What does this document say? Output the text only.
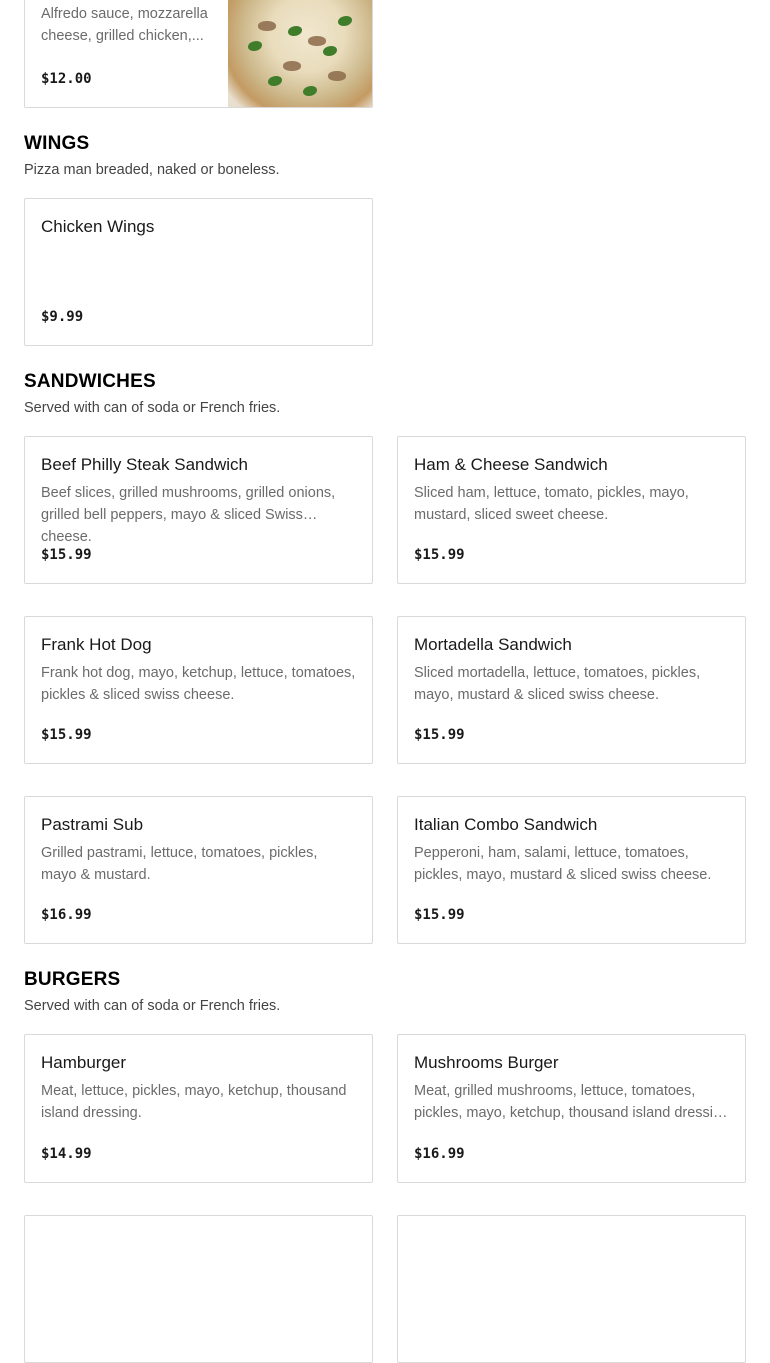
Alfredo sauce, mozzarella cheese, grilled chicken,...
$12.00
WINGS
Pizza man breaded, naked or boneless.
Chicken Wings
$9.99
SANDWICHES
Served with can of soda or French fries.
Beef Philly Steak Sandwich
Beef slices, grilled mushrooms, grilled onions, grilled bell peppers, mayo & sliced Swiss cheese.
$15.99
Ham & Cheese Sandwich
Sliced ham, lettuce, tomato, pickles, mayo, mustard, sliced sweet cheese.
$15.99
Frank Hot Dog
Frank hot dog, mayo, ketchup, lettuce, tomatoes, pickles & sliced swiss cheese.
$15.99
Mortadella Sandwich
Sliced mortadella, lettuce, tomatoes, pickles, mayo, mustard & sliced swiss cheese.
$15.99
Pastrami Sub
Grilled pastrami, lettuce, tomatoes, pickles, mayo & mustard.
$16.99
Italian Combo Sandwich
Pepperoni, ham, salami, lettuce, tomatoes, pickles, mayo, mustard & sliced swiss cheese.
$15.99
BURGERS
Served with can of soda or French fries.
Hamburger
Meat, lettuce, pickles, mayo, ketchup, thousand island dressing.
$14.99
Mushrooms Burger
Meat, grilled mushrooms, lettuce, tomatoes, pickles, mayo, ketchup, thousand island dressi…
$16.99
